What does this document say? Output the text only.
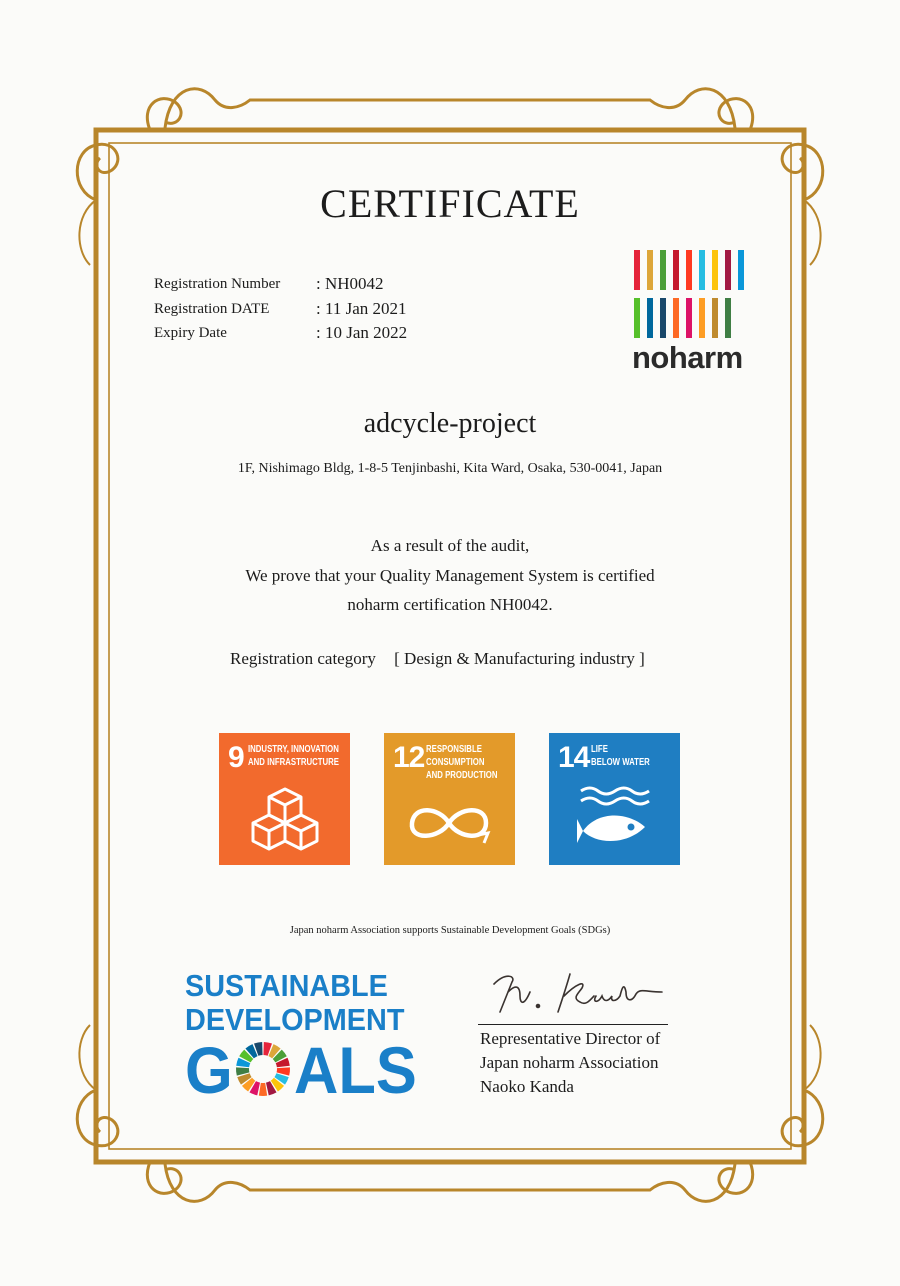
CERTIFICATE
Registration Number : NH0042
Registration DATE	: 11 Jan 2021
Expiry Date	: 10 Jan 2022
noharm
adcycle-project
1F, Nishimago Bldg, 1-8-5 Tenjinbashi, Kita Ward, Osaka, 530-0041, Japan
As a result of the audit,
We prove that your Quality Management System is certified
noharm certification NH0042.
Registration category [ Design & Manufacturing industry ]
9 INDUSTRY, INNOVATION
AND INFRASTRUCTURE 12 RESPONSIBLE
CONSUMPTION
AND PRODUCTION
14 LIFE
BELOW WATER
Japan noharm Association supports Sustainable Development Goals (SDGs)
SUSTAINABLE
DEVELOPMENT
G ALS	Representative Director of
Japan noharm Association
Naoko Kanda
